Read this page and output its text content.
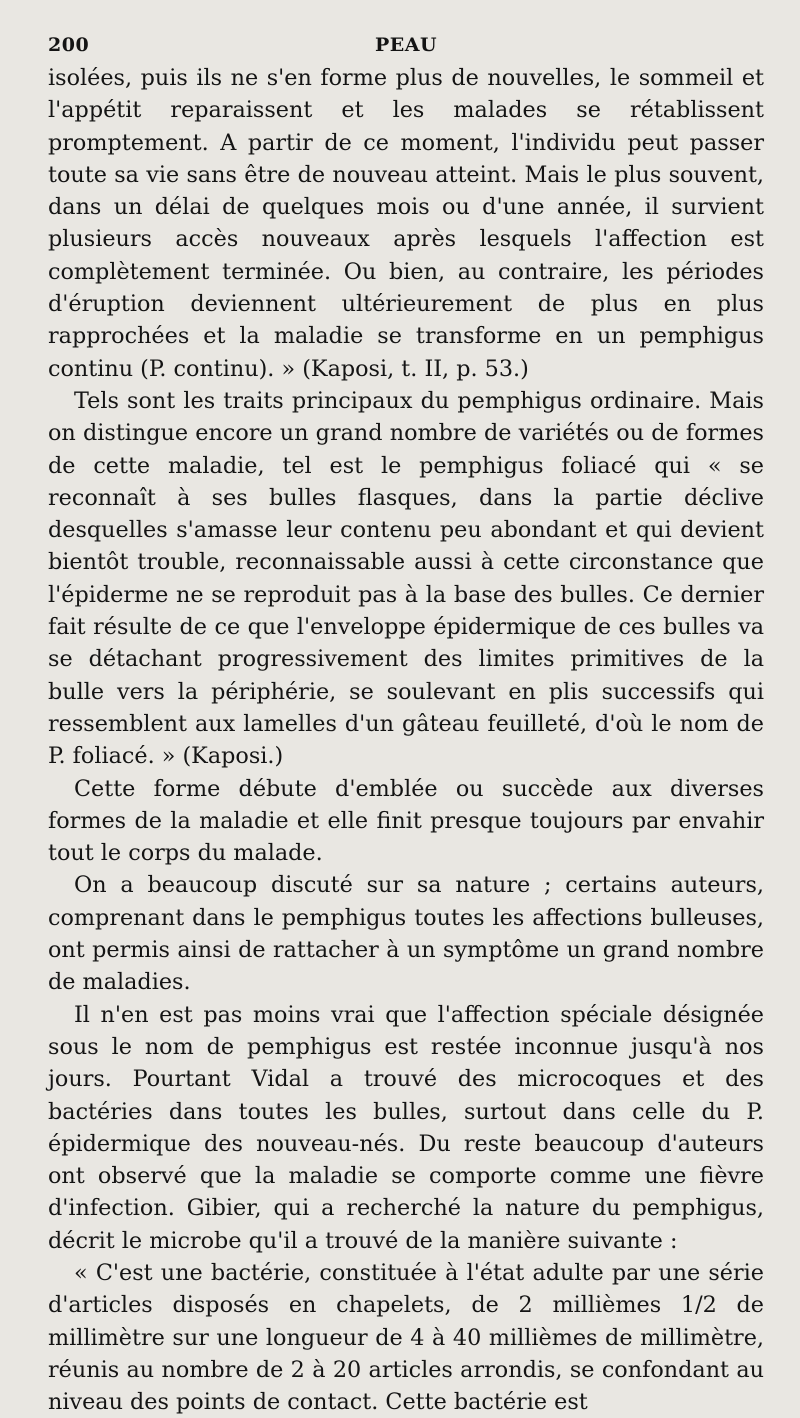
200	PEAU

isolées, puis ils ne s'en forme plus de nouvelles, le sommeil et l'appétit reparaissent et les malades se rétablissent promptement. A partir de ce moment, l'individu peut passer toute sa vie sans être de nouveau atteint. Mais le plus souvent, dans un délai de quelques mois ou d'une année, il survient plusieurs accès nouveaux après lesquels l'affection est complètement terminée. Ou bien, au contraire, les périodes d'éruption deviennent ultérieurement de plus en plus rapprochées et la maladie se transforme en un pemphigus continu (P. continu). » (Kaposi, t. II, p. 53.)

Tels sont les traits principaux du pemphigus ordinaire. Mais on distingue encore un grand nombre de variétés ou de formes de cette maladie, tel est le pemphigus foliacé qui « se reconnaît à ses bulles flasques, dans la partie déclive desquelles s'amasse leur contenu peu abondant et qui devient bientôt trouble, reconnaissable aussi à cette circonstance que l'épiderme ne se reproduit pas à la base des bulles. Ce dernier fait résulte de ce que l'enveloppe épidermique de ces bulles va se détachant progressivement des limites primitives de la bulle vers la périphérie, se soulevant en plis successifs qui ressemblent aux lamelles d'un gâteau feuilleté, d'où le nom de P. foliacé. » (Kaposi.)

Cette forme débute d'emblée ou succède aux diverses formes de la maladie et elle finit presque toujours par envahir tout le corps du malade.

On a beaucoup discuté sur sa nature ; certains auteurs, comprenant dans le pemphigus toutes les affections bulleuses, ont permis ainsi de rattacher à un symptôme un grand nombre de maladies.

Il n'en est pas moins vrai que l'affection spéciale désignée sous le nom de pemphigus est restée inconnue jusqu'à nos jours. Pourtant Vidal a trouvé des microcoques et des bactéries dans toutes les bulles, surtout dans celle du P. épidermique des nouveau-nés. Du reste beaucoup d'auteurs ont observé que la maladie se comporte comme une fièvre d'infection. Gibier, qui a recherché la nature du pemphigus, décrit le microbe qu'il a trouvé de la manière suivante :

« C'est une bactérie, constituée à l'état adulte par une série d'articles disposés en chapelets, de 2 millièmes 1/2 de millimètre sur une longueur de 4 à 40 millièmes de millimètre, réunis au nombre de 2 à 20 articles arrondis, se confondant au niveau des points de contact. Cette bactérie est
